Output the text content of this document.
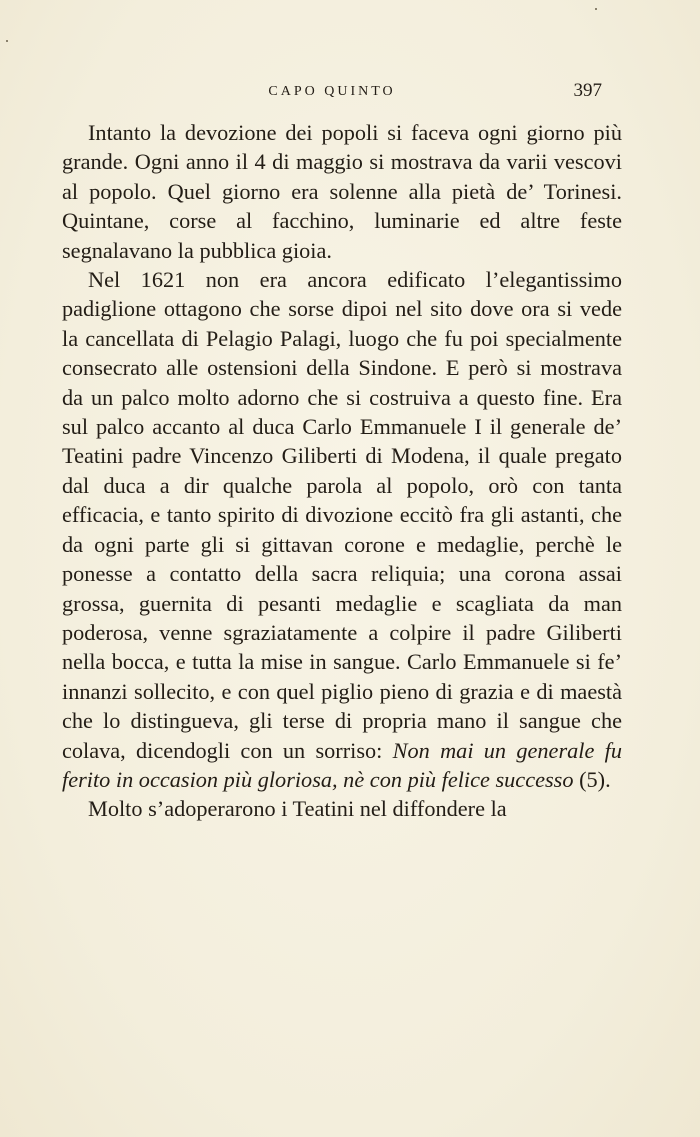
CAPO QUINTO	397

Intanto la devozione dei popoli si faceva ogni giorno più grande. Ogni anno il 4 di maggio si mostrava da varii vescovi al popolo. Quel giorno era solenne alla pietà de’ Torinesi. Quintane, corse al facchino, luminarie ed altre feste segnalavano la pubblica gioia.

Nel 1621 non era ancora edificato l’elegantissimo padiglione ottagono che sorse dipoi nel sito dove ora si vede la cancellata di Pelagio Palagi, luogo che fu poi specialmente consecrato alle ostensioni della Sindone. E però si mostrava da un palco molto adorno che si costruiva a questo fine. Era sul palco accanto al duca Carlo Emmanuele I il generale de’ Teatini padre Vincenzo Giliberti di Modena, il quale pregato dal duca a dir qualche parola al popolo, orò con tanta efficacia, e tanto spirito di divozione eccitò fra gli astanti, che da ogni parte gli si gittavan corone e medaglie, perchè le ponesse a contatto della sacra reliquia; una corona assai grossa, guernita di pesanti medaglie e scagliata da man poderosa, venne sgraziatamente a colpire il padre Giliberti nella bocca, e tutta la mise in sangue. Carlo Emmanuele si fe’ innanzi sollecito, e con quel piglio pieno di grazia e di maestà che lo distingueva, gli terse di propria mano il sangue che colava, dicendogli con un sorriso: Non mai un generale fu ferito in occasion più gloriosa, nè con più felice successo (5).

Molto s’adoperarono i Teatini nel diffondere la
